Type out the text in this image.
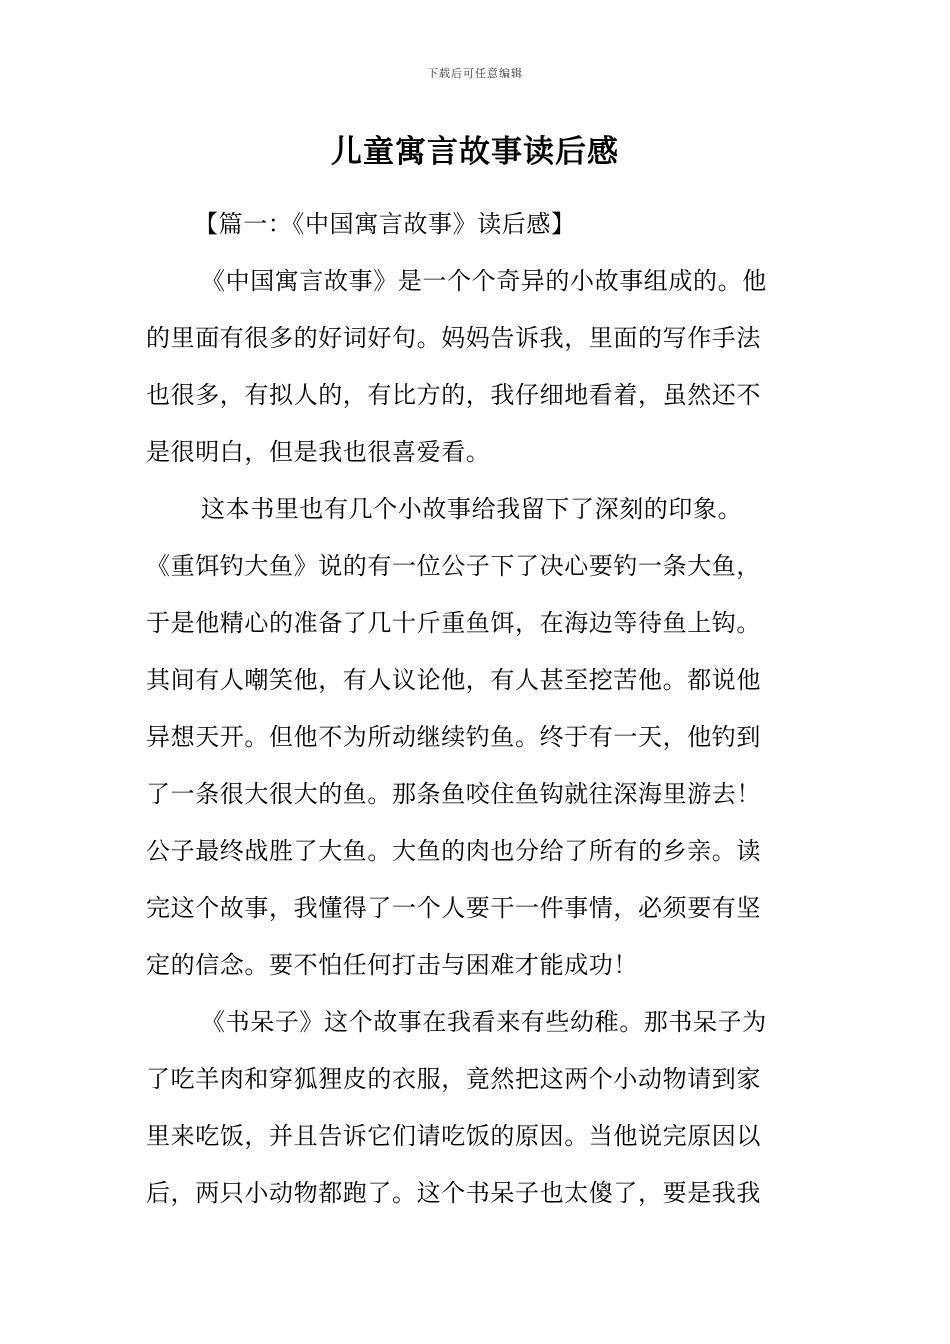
下载后可任意编辑
儿童寓言故事读后感

【篇一：《中国寓言故事》读后感】

《中国寓言故事》是一个个奇异的小故事组成的。他
的里面有很多的好词好句。妈妈告诉我，里面的写作手法
也很多，有拟人的，有比方的，我仔细地看着，虽然还不
是很明白，但是我也很喜爱看。
这本书里也有几个小故事给我留下了深刻的印象。
《重饵钓大鱼》说的有一位公子下了决心要钓一条大鱼，
于是他精心的准备了几十斤重鱼饵，在海边等待鱼上钩。
其间有人嘲笑他，有人议论他，有人甚至挖苦他。都说他
异想天开。但他不为所动继续钓鱼。终于有一天，他钓到
了一条很大很大的鱼。那条鱼咬住鱼钩就往深海里游去！
公子最终战胜了大鱼。大鱼的肉也分给了所有的乡亲。读
完这个故事，我懂得了一个人要干一件事情，必须要有坚
定的信念。要不怕任何打击与困难才能成功！
《书呆子》这个故事在我看来有些幼稚。那书呆子为
了吃羊肉和穿狐狸皮的衣服，竟然把这两个小动物请到家
里来吃饭，并且告诉它们请吃饭的原因。当他说完原因以
后，两只小动物都跑了。这个书呆子也太傻了，要是我我
